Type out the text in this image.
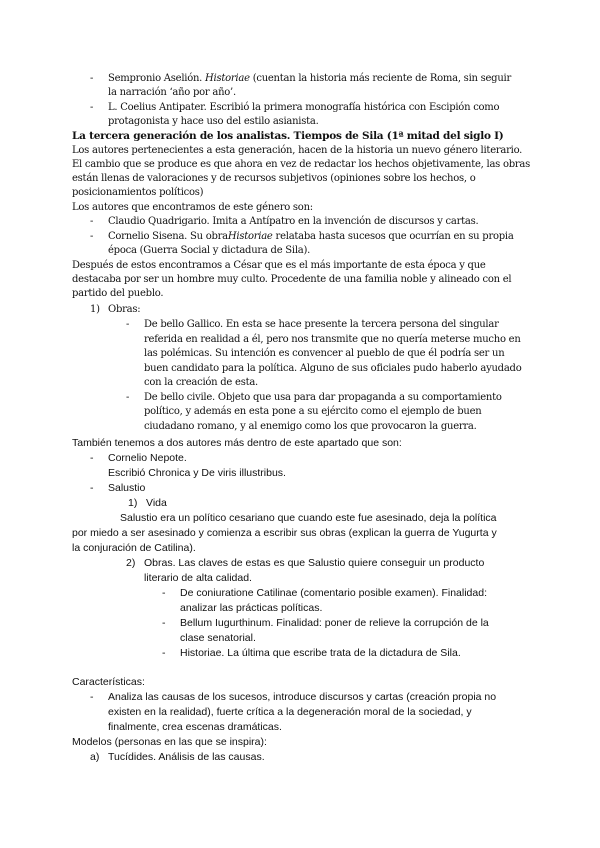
- Sempronio Aselión. Historiae (cuentan la historia más reciente de Roma, sin seguir
la narración ‘año por año’.
- L. Coelius Antipater. Escribió la primera monografía histórica con Escipión como
protagonista y hace uso del estilo asianista.
La tercera generación de los analistas. Tiempos de Sila (1ª mitad del siglo I)
Los autores pertenecientes a esta generación, hacen de la historia un nuevo género literario.
El cambio que se produce es que ahora en vez de redactar los hechos objetivamente, las obras
están llenas de valoraciones y de recursos subjetivos (opiniones sobre los hechos, o
posicionamientos políticos)
Los autores que encontramos de este género son:
- Claudio Quadrigario. Imita a Antípatro en la invención de discursos y cartas.
- Cornelio Sisena. Su obraHistoriae relataba hasta sucesos que ocurrían en su propia
época (Guerra Social y dictadura de Sila).
Después de estos encontramos a César que es el más importante de esta época y que
destacaba por ser un hombre muy culto. Procedente de una familia noble y alineado con el
partido del pueblo.
1) Obras:
- De bello Gallico. En esta se hace presente la tercera persona del singular
referida en realidad a él, pero nos transmite que no quería meterse mucho en
las polémicas. Su intención es convencer al pueblo de que él podría ser un
buen candidato para la política. Alguno de sus oficiales pudo haberlo ayudado
con la creación de esta.
- De bello civile. Objeto que usa para dar propaganda a su comportamiento
político, y además en esta pone a su ejército como el ejemplo de buen
ciudadano romano, y al enemigo como los que provocaron la guerra.
También tenemos a dos autores más dentro de este apartado que son:
- Cornelio Nepote.
Escribió Chronica y De viris illustribus.
- Salustio
1) Vida
Salustio era un político cesariano que cuando este fue asesinado, deja la política
por miedo a ser asesinado y comienza a escribir sus obras (explican la guerra de Yugurta y
la conjuración de Catilina).
2) Obras. Las claves de estas es que Salustio quiere conseguir un producto
literario de alta calidad.
- De coniuratione Catilinae (comentario posible examen). Finalidad:
analizar las prácticas políticas.
- Bellum Iugurthinum. Finalidad: poner de relieve la corrupción de la
clase senatorial.
- Historiae. La última que escribe trata de la dictadura de Sila.
Características:
- Analiza las causas de los sucesos, introduce discursos y cartas (creación propia no
existen en la realidad), fuerte crítica a la degeneración moral de la sociedad, y
finalmente, crea escenas dramáticas.
Modelos (personas en las que se inspira):
a) Tucídides. Análisis de las causas.
